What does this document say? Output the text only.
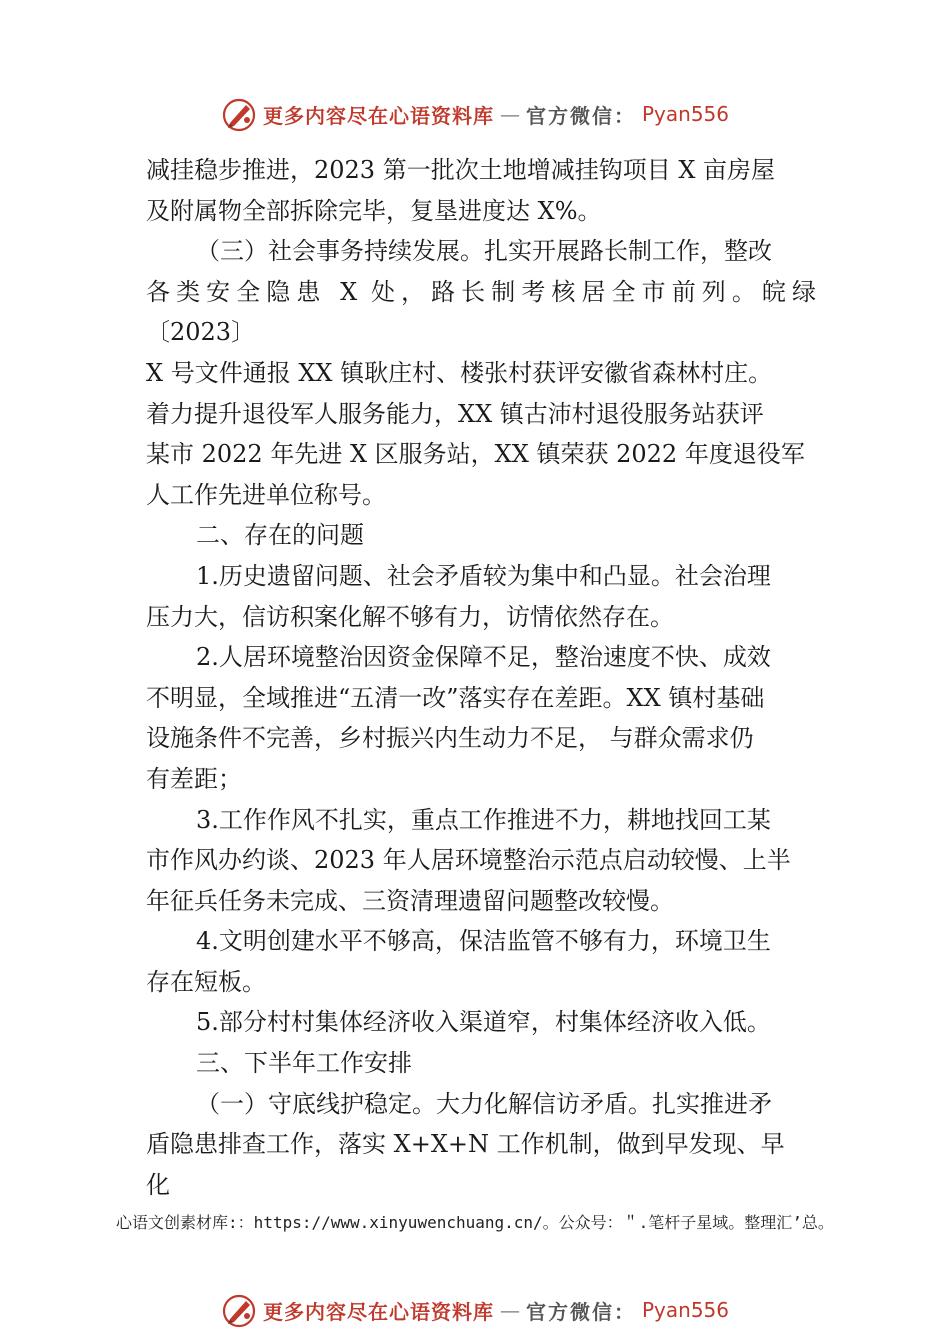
更多内容尽在心语资料库 — 官方微信： Pyan556
减挂稳步推进，2023 第一批次土地增减挂钩项目 X 亩房屋
及附属物全部拆除完毕，复垦进度达 X%。
（三）社会事务持续发展。扎实开展路长制工作，整改
各类安全隐患 X 处，路长制考核居全市前列。皖绿
〔2023〕
X 号文件通报 XX 镇耿庄村、楼张村获评安徽省森林村庄。
着力提升退役军人服务能力，XX 镇古沛村退役服务站获评
某市 2022 年先进 X 区服务站，XX 镇荣获 2022 年度退役军
人工作先进单位称号。
二、存在的问题
1.历史遗留问题、社会矛盾较为集中和凸显。社会治理
压力大，信访积案化解不够有力，访情依然存在。
2.人居环境整治因资金保障不足，整治速度不快、成效
不明显，全域推进“五清一改”落实存在差距。XX 镇村基础
设施条件不完善，乡村振兴内生动力不足， 与群众需求仍
有差距；
3.工作作风不扎实，重点工作推进不力，耕地找回工某
市作风办约谈、2023 年人居环境整治示范点启动较慢、上半
年征兵任务未完成、三资清理遗留问题整改较慢。
4.文明创建水平不够高，保洁监管不够有力，环境卫生
存在短板。
5.部分村村集体经济收入渠道窄，村集体经济收入低。
三、下半年工作安排
（一）守底线护稳定。大力化解信访矛盾。扎实推进矛
盾隐患排查工作，落实 X+X+N 工作机制，做到早发现、早
化
心语文创素材库:：https://www.xinyuwenchuang.cn/。公众号：＂.笔杆子星域。整理汇’总。
更多内容尽在心语资料库 — 官方微信： Pyan556
